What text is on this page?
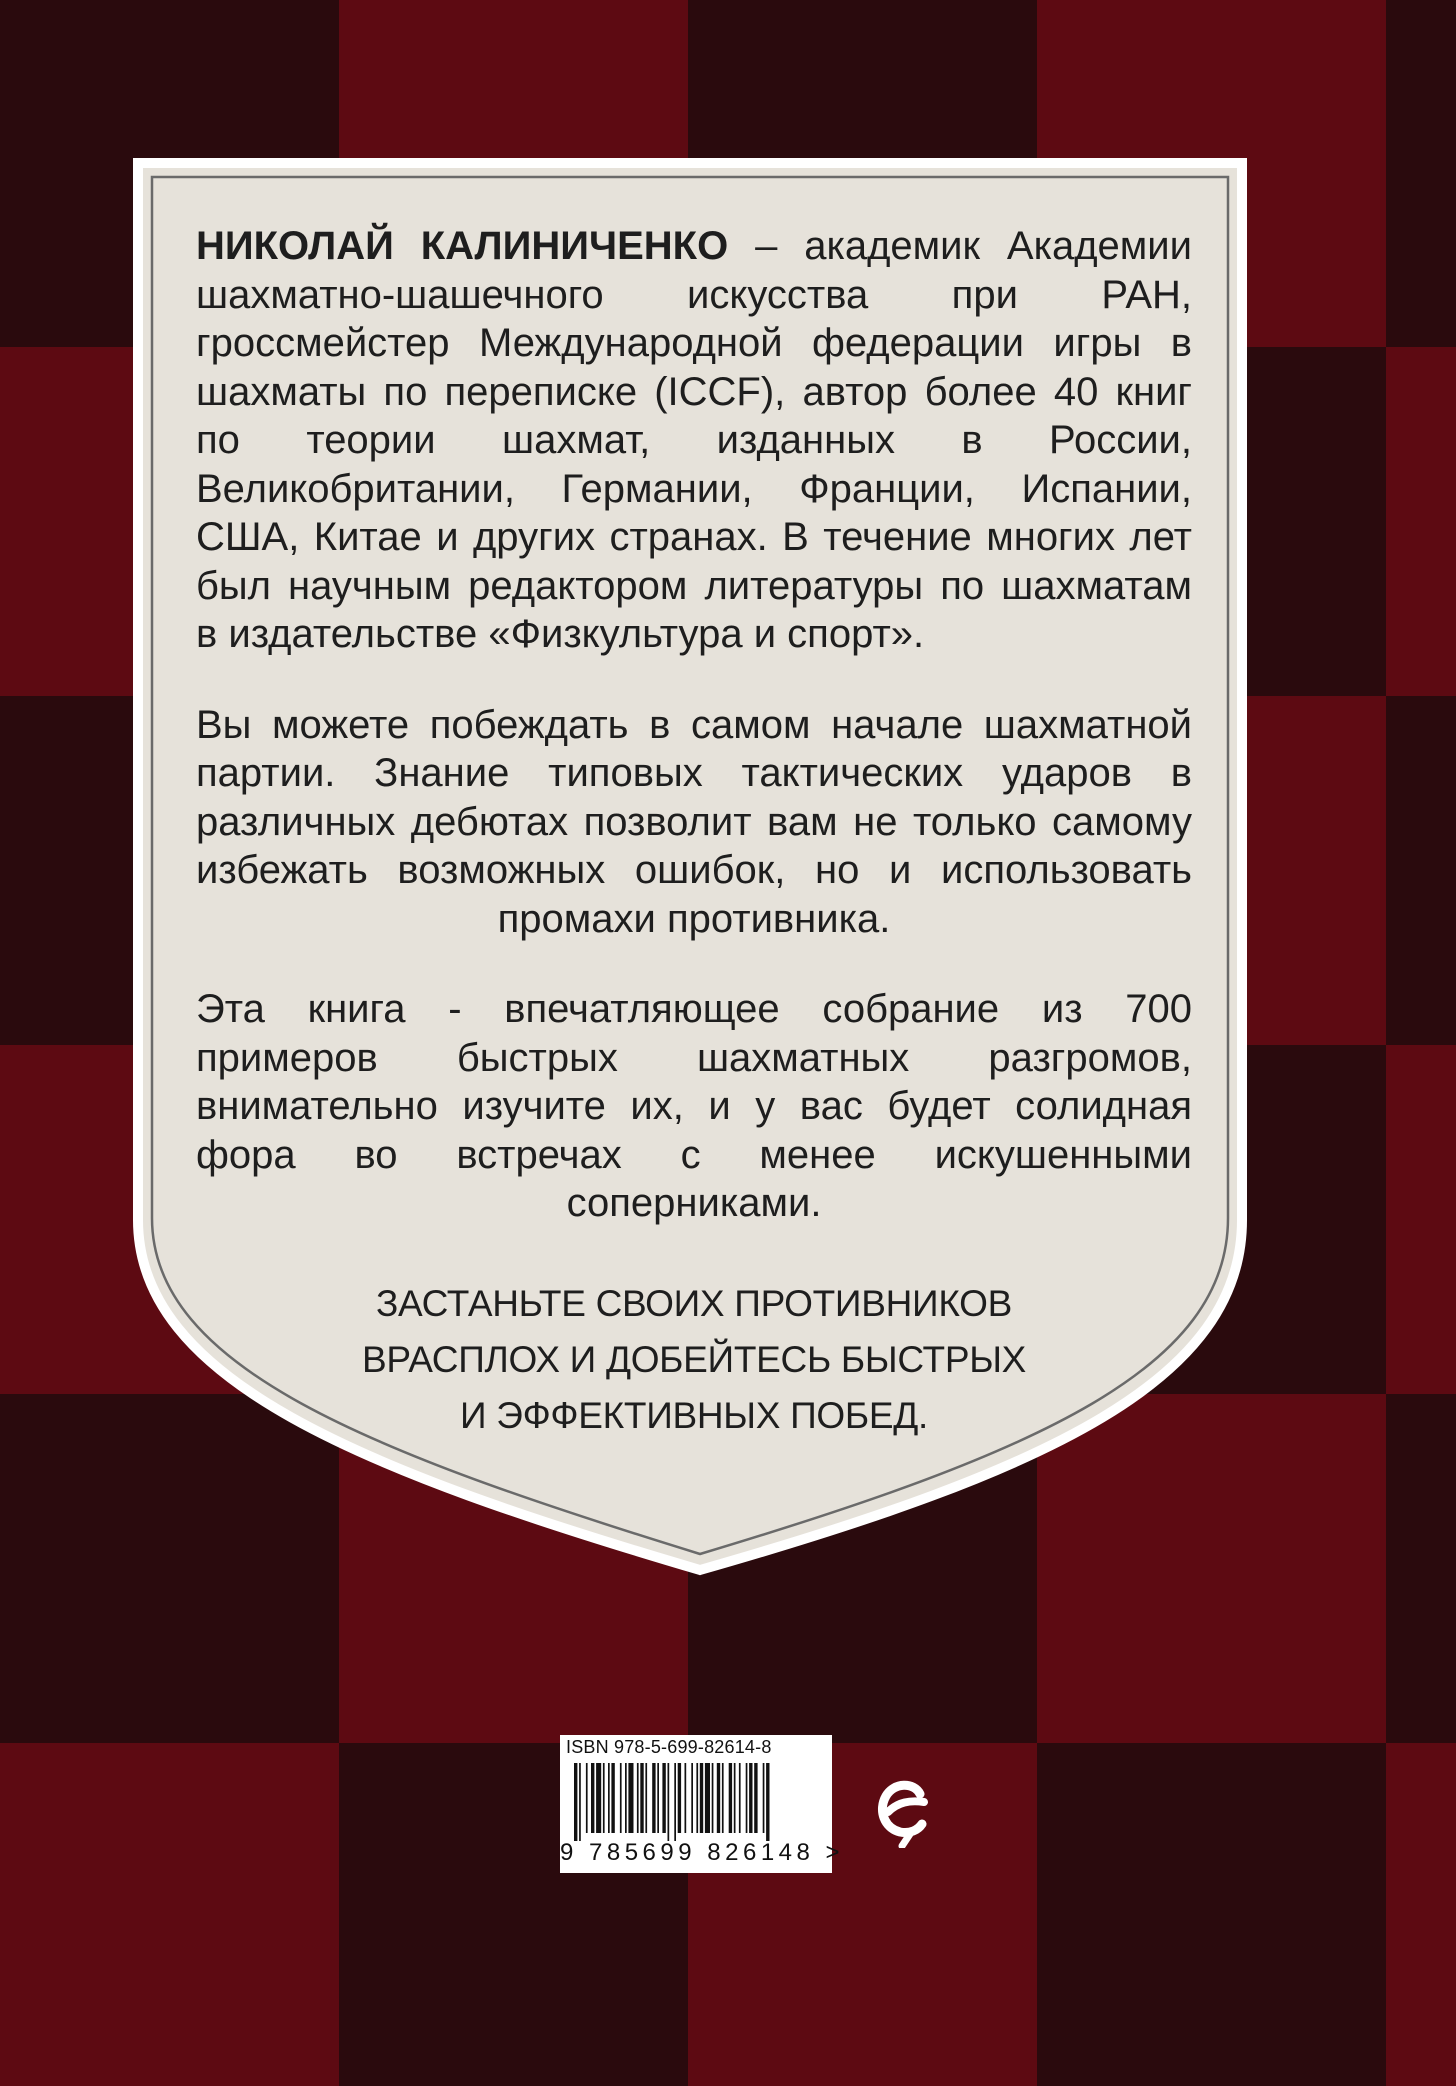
НИКОЛАЙ КАЛИНИЧЕНКО – академик Академии шахматно-шашечного искусства при РАН, гроссмейстер Международной федерации игры в шахматы по переписке (ICCF), автор более 40 книг по теории шахмат, изданных в России, Великобритании, Германии, Франции, Испании, США, Китае и других странах. В течение многих лет был научным редактором литературы по шахматам в издательстве «Физкультура и спорт».

Вы можете побеждать в самом начале шахматной партии. Знание типовых тактических ударов в различных дебютах позволит вам не только самому избежать возможных ошибок, но и использовать промахи противника.

Эта книга - впечатляющее собрание из 700 примеров быстрых шахматных разгромов, внимательно изучите их, и у вас будет солидная фора во встречах с менее искушенными соперниками.

ЗАСТАНЬТЕ СВОИХ ПРОТИВНИКОВ
ВРАСПЛОХ И ДОБЕЙТЕСЬ БЫСТРЫХ
И ЭФФЕКТИВНЫХ ПОБЕД.
ISBN 978-5-699-82614-8
9 785699 826148 >
